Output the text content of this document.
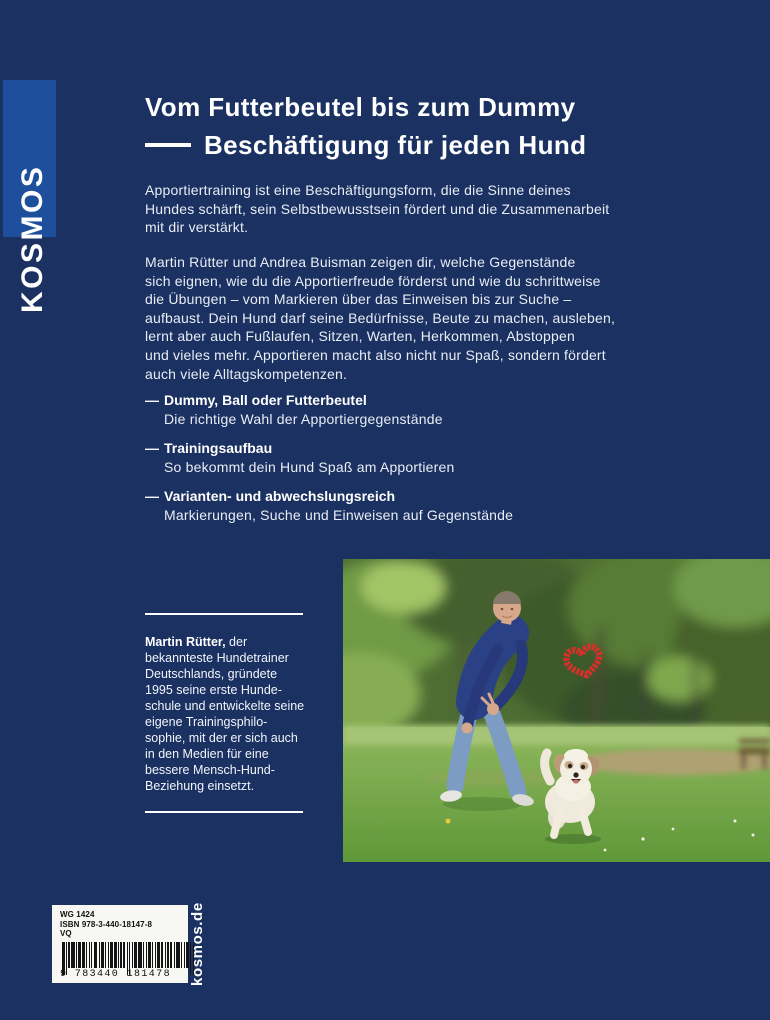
KOSMOS
Vom Futterbeutel bis zum Dummy
Beschäftigung für jeden Hund
Apportiertraining ist eine Beschäftigungsform, die die Sinne deines
Hundes schärft, sein Selbstbewusstsein fördert und die Zusammenarbeit
mit dir verstärkt.
Martin Rütter und Andrea Buisman zeigen dir, welche Gegenstände
sich eignen, wie du die Apportierfreude förderst und wie du schrittweise
die Übungen – vom Markieren über das Einweisen bis zur Suche –
aufbaust. Dein Hund darf seine Bedürfnisse, Beute zu machen, ausleben,
lernt aber auch Fußlaufen, Sitzen, Warten, Herkommen, Abstoppen
und vieles mehr. Apportieren macht also nicht nur Spaß, sondern fördert
auch viele Alltagskompetenzen.
— Dummy, Ball oder Futterbeutel
Die richtige Wahl der Apportiergegenstände
— Trainingsaufbau
So bekommt dein Hund Spaß am Apportieren
— Varianten- und abwechslungsreich
Markierungen, Suche und Einweisen auf Gegenstände
Martin Rütter, der
bekannteste Hundetrainer
Deutschlands, gründete
1995 seine erste Hunde-
schule und entwickelte seine
eigene Trainingsphilo-
sophie, mit der er sich auch
in den Medien für eine
bessere Mensch-Hund-
Beziehung einsetzt.
WG 1424
ISBN 978-3-440-18147-8
VQ
9 783440 181478	kosmos.de
